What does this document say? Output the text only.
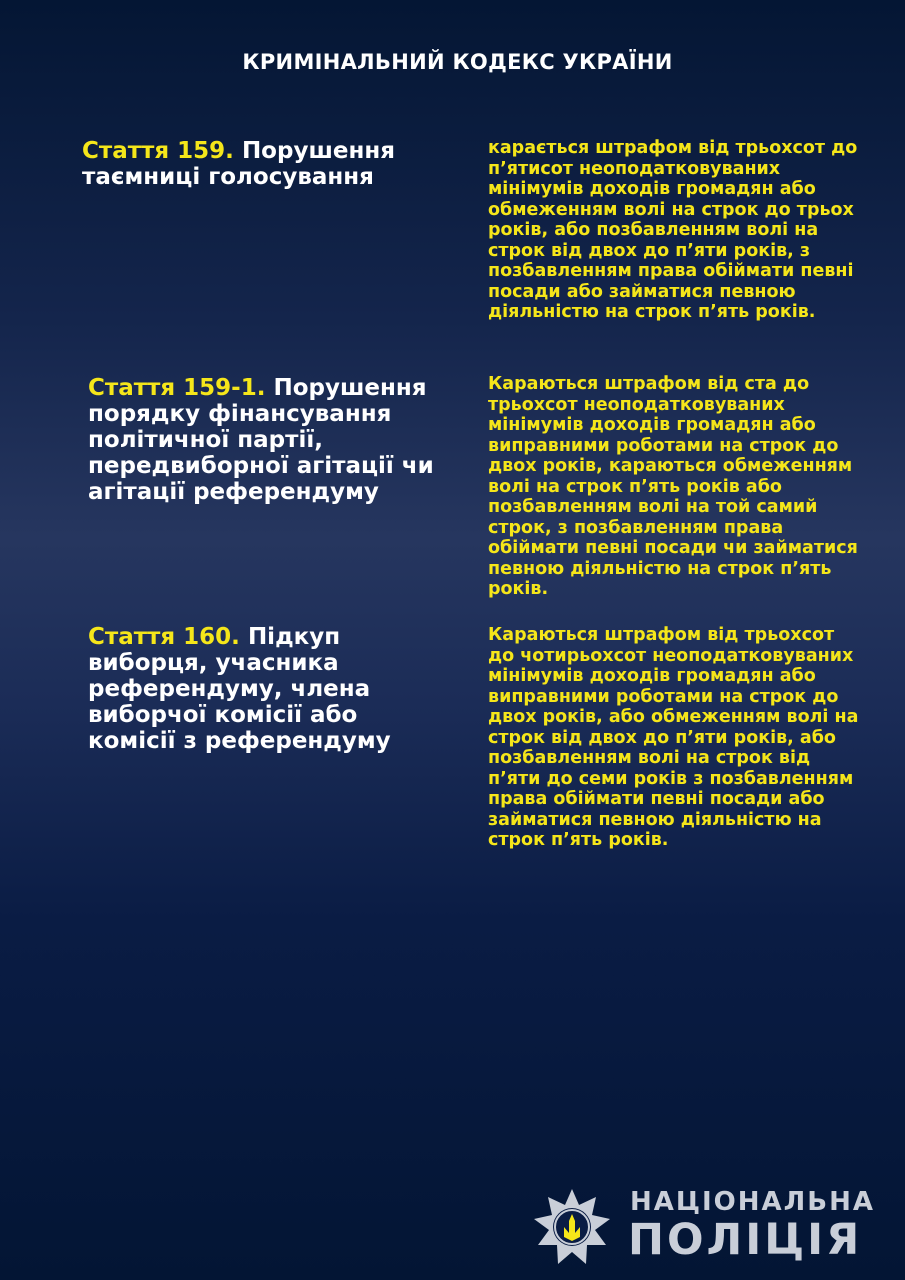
КРИМІНАЛЬНИЙ КОДЕКС УКРАЇНИ
Стаття 159. Порушення таємниці голосування
карається штрафом від трьохсот до п’ятисот неоподатковуваних мінімумів доходів громадян або обмеженням волі на строк до трьох років, або позбавленням волі на строк від двох до п’яти років, з позбавленням права обіймати певні посади або займатися певною діяльністю на строк п’ять років.
Стаття 159-1. Порушення порядку фінансування політичної партії, передвиборної агітації чи агітації референдуму
Караються штрафом від ста до трьохсот неоподатковуваних мінімумів доходів громадян або виправними роботами на строк до двох років, караються обмеженням волі на строк п’ять років або позбавленням волі на той самий строк, з позбавленням права обіймати певні посади чи займатися певною діяльністю на строк п’ять років.
Стаття 160. Підкуп виборця, учасника референдуму, члена виборчої комісії або комісії з референдуму
Караються штрафом від трьохсот до чотирьохсот неоподатковуваних мінімумів доходів громадян або виправними роботами на строк до двох років, або обмеженням волі на строк від двох до п’яти років, або позбавленням волі на строк від п’яти до семи років з позбавленням права обіймати певні посади або займатися певною діяльністю на строк п’ять років.
НАЦІОНАЛЬНА
ПОЛІЦІЯ
